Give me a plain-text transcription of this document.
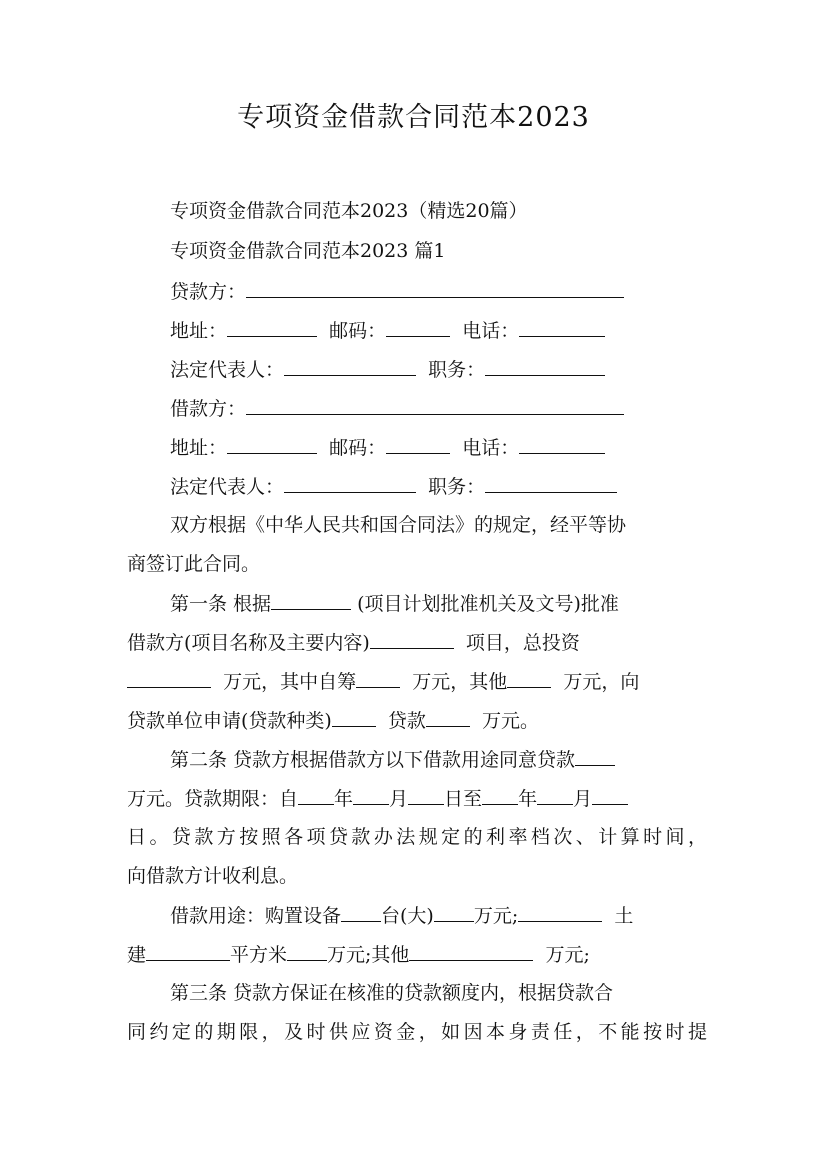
专项资金借款合同范本2023
专项资金借款合同范本2023（精选20篇）
专项资金借款合同范本2023 篇1
贷款方：
地址：	邮码：	电话：
法定代表人：	职务：
借款方：
地址：	邮码：	电话：
法定代表人：	职务：
双方根据《中华人民共和国合同法》的规定，经平等协
商签订此合同。
第一条 根据	(项目计划批准机关及文号)批准
借款方(项目名称及主要内容)	项目，总投资
万元，其中自筹	万元，其他	万元，向
贷款单位申请(贷款种类)	贷款	万元。
第二条 贷款方根据借款方以下借款用途同意贷款
万元。贷款期限：自 年 月 日至 年 月
日。贷款方按照各项贷款办法规定的利率档次、计算时间，
向借款方计收利息。
借款用途：购置设备 台(大) 万元;	土
建	平方米 万元;其他	万元;
第三条 贷款方保证在核准的贷款额度内，根据贷款合
同约定的期限，及时供应资金，如因本身责任，不能按时提
